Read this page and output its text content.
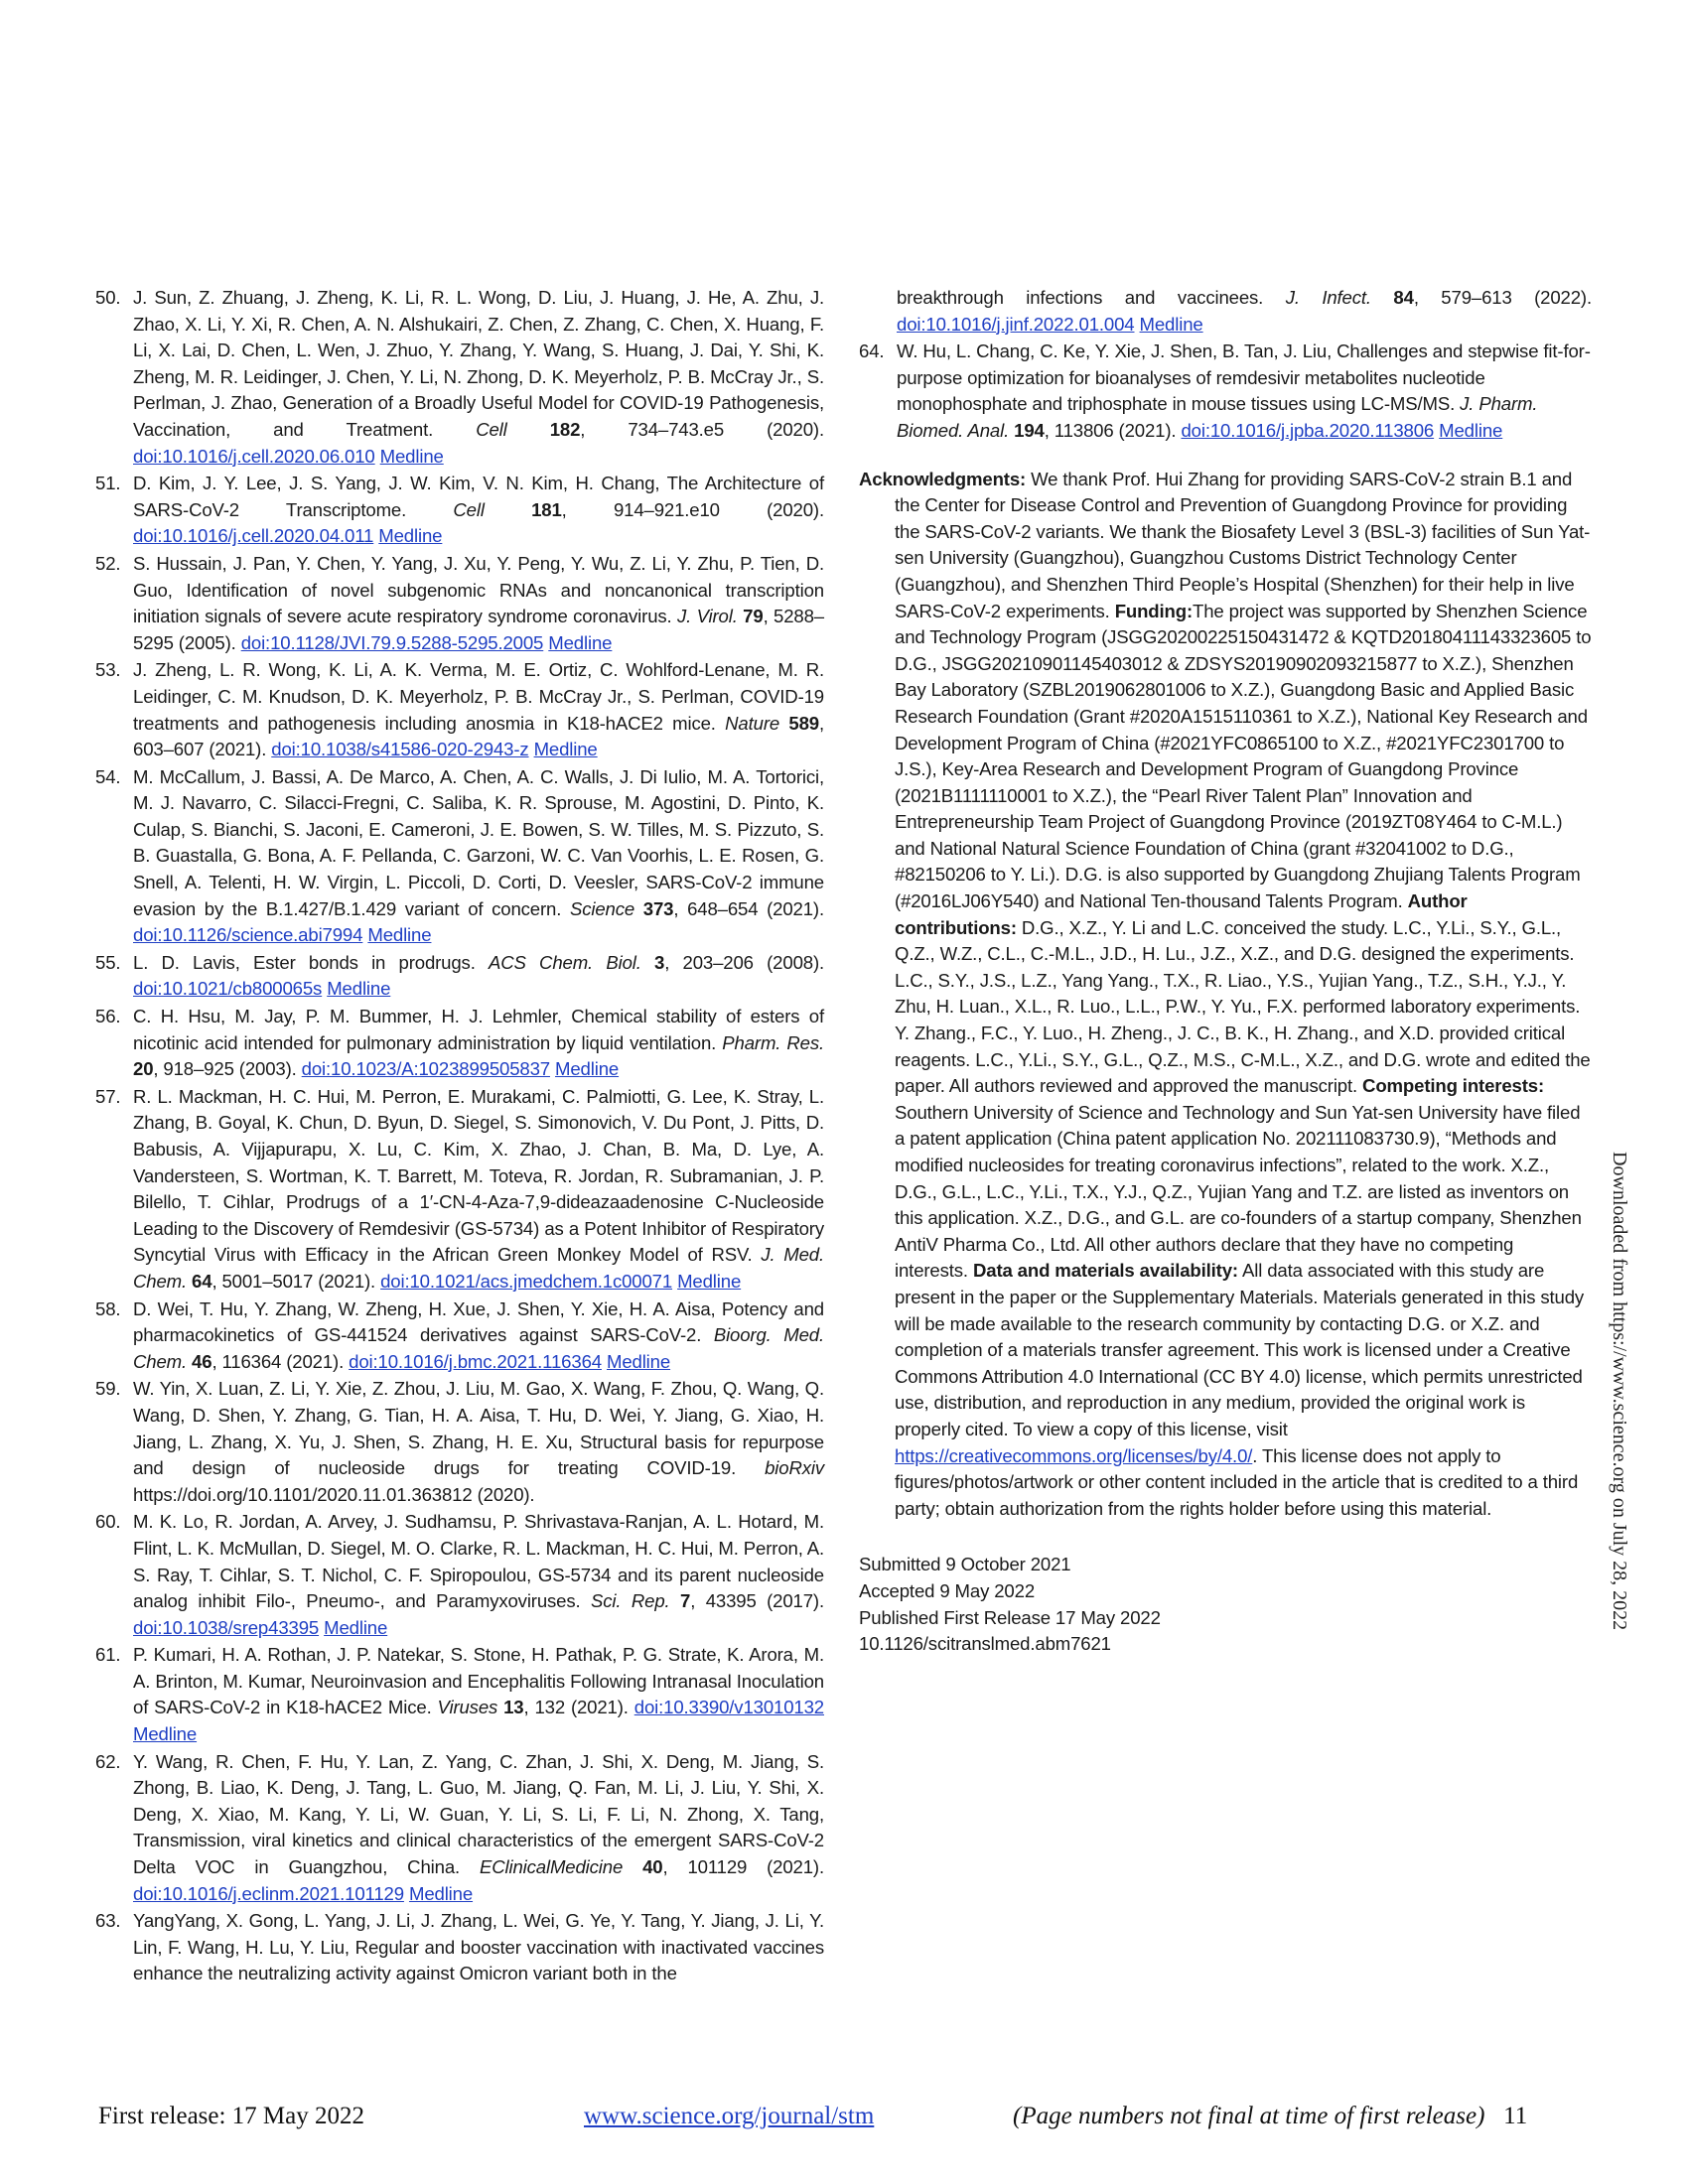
50. J. Sun, Z. Zhuang, J. Zheng, K. Li, R. L. Wong, D. Liu, J. Huang, J. He, A. Zhu, J. Zhao, X. Li, Y. Xi, R. Chen, A. N. Alshukairi, Z. Chen, Z. Zhang, C. Chen, X. Huang, F. Li, X. Lai, D. Chen, L. Wen, J. Zhuo, Y. Zhang, Y. Wang, S. Huang, J. Dai, Y. Shi, K. Zheng, M. R. Leidinger, J. Chen, Y. Li, N. Zhong, D. K. Meyerholz, P. B. McCray Jr., S. Perlman, J. Zhao, Generation of a Broadly Useful Model for COVID-19 Pathogenesis, Vaccination, and Treatment. Cell 182, 734–743.e5 (2020). doi:10.1016/j.cell.2020.06.010 Medline
51. D. Kim, J. Y. Lee, J. S. Yang, J. W. Kim, V. N. Kim, H. Chang, The Architecture of SARS-CoV-2 Transcriptome.	Cell	181, 914–921.e10 (2020). doi:10.1016/j.cell.2020.04.011 Medline
52. S. Hussain, J. Pan, Y. Chen, Y. Yang, J. Xu, Y. Peng, Y. Wu, Z. Li, Y. Zhu, P. Tien, D. Guo, Identification of novel subgenomic RNAs and noncanonical transcription initiation signals of severe acute respiratory syndrome coronavirus. J. Virol. 79, 5288–5295 (2005). doi:10.1128/JVI.79.9.5288-5295.2005 Medline
53. J. Zheng, L. R. Wong, K. Li, A. K. Verma, M. E. Ortiz, C. Wohlford-Lenane, M. R. Leidinger, C. M. Knudson, D. K. Meyerholz, P. B. McCray Jr., S. Perlman, COVID-19 treatments and pathogenesis including anosmia in K18-hACE2 mice. Nature 589, 603–607 (2021). doi:10.1038/s41586-020-2943-z Medline
54. M. McCallum, J. Bassi, A. De Marco, A. Chen, A. C. Walls, J. Di Iulio, M. A. Tortorici, M. J. Navarro, C. Silacci-Fregni, C. Saliba, K. R. Sprouse, M. Agostini, D. Pinto, K. Culap, S. Bianchi, S. Jaconi, E. Cameroni, J. E. Bowen, S. W. Tilles, M. S. Pizzuto, S. B. Guastalla, G. Bona, A. F. Pellanda, C. Garzoni, W. C. Van Voorhis, L. E. Rosen, G. Snell, A. Telenti, H. W. Virgin, L. Piccoli, D. Corti, D. Veesler, SARS-CoV-2 immune evasion by the B.1.427/B.1.429 variant of concern. Science 373, 648–654 (2021). doi:10.1126/science.abi7994 Medline
55. L. D. Lavis, Ester bonds in prodrugs. ACS Chem. Biol. 3, 203–206 (2008). doi:10.1021/cb800065s Medline
56. C. H. Hsu, M. Jay, P. M. Bummer, H. J. Lehmler, Chemical stability of esters of nicotinic acid intended for pulmonary administration by liquid ventilation. Pharm. Res. 20, 918–925 (2003). doi:10.1023/A:1023899505837 Medline
57. R. L. Mackman, H. C. Hui, M. Perron, E. Murakami, C. Palmiotti, G. Lee, K. Stray, L. Zhang, B. Goyal, K. Chun, D. Byun, D. Siegel, S. Simonovich, V. Du Pont, J. Pitts, D. Babusis, A. Vijjapurapu, X. Lu, C. Kim, X. Zhao, J. Chan, B. Ma, D. Lye, A. Vandersteen, S. Wortman, K. T. Barrett, M. Toteva, R. Jordan, R. Subramanian, J. P. Bilello, T. Cihlar, Prodrugs of a 1′-CN-4-Aza-7,9-dideazaadenosine C-Nucleoside Leading to the Discovery of Remdesivir (GS-5734) as a Potent Inhibitor of Respiratory Syncytial Virus with Efficacy in the African Green Monkey Model of RSV. J. Med. Chem. 64, 5001–5017 (2021). doi:10.1021/acs.jmedchem.1c00071 Medline
58. D. Wei, T. Hu, Y. Zhang, W. Zheng, H. Xue, J. Shen, Y. Xie, H. A. Aisa, Potency and pharmacokinetics of GS-441524 derivatives against SARS-CoV-2. Bioorg. Med. Chem. 46, 116364 (2021). doi:10.1016/j.bmc.2021.116364 Medline
59. W. Yin, X. Luan, Z. Li, Y. Xie, Z. Zhou, J. Liu, M. Gao, X. Wang, F. Zhou, Q. Wang, Q. Wang, D. Shen, Y. Zhang, G. Tian, H. A. Aisa, T. Hu, D. Wei, Y. Jiang, G. Xiao, H. Jiang, L. Zhang, X. Yu, J. Shen, S. Zhang, H. E. Xu, Structural basis for repurpose and design of nucleoside drugs for treating COVID-19. bioRxiv https://doi.org/10.1101/2020.11.01.363812 (2020).
60. M. K. Lo, R. Jordan, A. Arvey, J. Sudhamsu, P. Shrivastava-Ranjan, A. L. Hotard, M. Flint, L. K. McMullan, D. Siegel, M. O. Clarke, R. L. Mackman, H. C. Hui, M. Perron, A. S. Ray, T. Cihlar, S. T. Nichol, C. F. Spiropoulou, GS-5734 and its parent nucleoside analog inhibit Filo-, Pneumo-, and Paramyxoviruses. Sci. Rep. 7, 43395 (2017). doi:10.1038/srep43395 Medline
61. P. Kumari, H. A. Rothan, J. P. Natekar, S. Stone, H. Pathak, P. G. Strate, K. Arora, M. A. Brinton, M. Kumar, Neuroinvasion and Encephalitis Following Intranasal Inoculation of SARS-CoV-2 in K18-hACE2 Mice. Viruses 13, 132 (2021). doi:10.3390/v13010132 Medline
62. Y. Wang, R. Chen, F. Hu, Y. Lan, Z. Yang, C. Zhan, J. Shi, X. Deng, M. Jiang, S. Zhong, B. Liao, K. Deng, J. Tang, L. Guo, M. Jiang, Q. Fan, M. Li, J. Liu, Y. Shi, X. Deng, X. Xiao, M. Kang, Y. Li, W. Guan, Y. Li, S. Li, F. Li, N. Zhong, X. Tang, Transmission, viral kinetics and clinical characteristics of the emergent SARS-CoV-2 Delta VOC in Guangzhou, China. EClinicalMedicine 40, 101129 (2021). doi:10.1016/j.eclinm.2021.101129 Medline
63. YangYang, X. Gong, L. Yang, J. Li, J. Zhang, L. Wei, G. Ye, Y. Tang, Y. Jiang, J. Li, Y. Lin, F. Wang, H. Lu, Y. Liu, Regular and booster vaccination with inactivated vaccines enhance the neutralizing activity against Omicron variant both in the
breakthrough infections and vaccinees. J. Infect. 84, 579–613 (2022). doi:10.1016/j.jinf.2022.01.004 Medline
64. W. Hu, L. Chang, C. Ke, Y. Xie, J. Shen, B. Tan, J. Liu, Challenges and stepwise fit-for-purpose optimization for bioanalyses of remdesivir metabolites nucleotide monophosphate and triphosphate in mouse tissues using LC-MS/MS. J. Pharm. Biomed. Anal. 194, 113806 (2021). doi:10.1016/j.jpba.2020.113806 Medline
Acknowledgments: We thank Prof. Hui Zhang for providing SARS-CoV-2 strain B.1 and the Center for Disease Control and Prevention of Guangdong Province for providing the SARS-CoV-2 variants. We thank the Biosafety Level 3 (BSL-3) facilities of Sun Yat-sen University (Guangzhou), Guangzhou Customs District Technology Center (Guangzhou), and Shenzhen Third People’s Hospital (Shenzhen) for their help in live SARS-CoV-2 experiments. Funding:The project was supported by Shenzhen Science and Technology Program (JSGG20200225150431472 & KQTD20180411143323605 to D.G., JSGG20210901145403012 & ZDSYS20190902093215877 to X.Z.), Shenzhen Bay Laboratory (SZBL2019062801006 to X.Z.), Guangdong Basic and Applied Basic Research Foundation (Grant #2020A1515110361 to X.Z.), National Key Research and Development Program of China (#2021YFC0865100 to X.Z., #2021YFC2301700 to J.S.), Key-Area Research and Development Program of Guangdong Province (2021B1111110001 to X.Z.), the “Pearl River Talent Plan” Innovation and Entrepreneurship Team Project of Guangdong Province (2019ZT08Y464 to C-M.L.) and National Natural Science Foundation of China (grant #32041002 to D.G., #82150206 to Y. Li.). D.G. is also supported by Guangdong Zhujiang Talents Program (#2016LJ06Y540) and National Ten-thousand Talents Program. Author contributions: D.G., X.Z., Y. Li and L.C. conceived the study. L.C., Y.Li., S.Y., G.L., Q.Z., W.Z., C.L., C.-M.L., J.D., H. Lu., J.Z., X.Z., and D.G. designed the experiments. L.C., S.Y., J.S., L.Z., Yang Yang., T.X., R. Liao., Y.S., Yujian Yang., T.Z., S.H., Y.J., Y. Zhu, H. Luan., X.L., R. Luo., L.L., P.W., Y. Yu., F.X. performed laboratory experiments. Y. Zhang., F.C., Y. Luo., H. Zheng., J. C., B. K., H. Zhang., and X.D. provided critical reagents. L.C., Y.Li., S.Y., G.L., Q.Z., M.S., C-M.L., X.Z., and D.G. wrote and edited the paper. All authors reviewed and approved the manuscript. Competing interests: Southern University of Science and Technology and Sun Yat-sen University have filed a patent application (China patent application No. 202111083730.9), “Methods and modified nucleosides for treating coronavirus infections”, related to the work. X.Z., D.G., G.L., L.C., Y.Li., T.X., Y.J., Q.Z., Yujian Yang and T.Z. are listed as inventors on this application. X.Z., D.G., and G.L. are co-founders of a startup company, Shenzhen AntiV Pharma Co., Ltd. All other authors declare that they have no competing interests. Data and materials availability: All data associated with this study are present in the paper or the Supplementary Materials. Materials generated in this study will be made available to the research community by contacting D.G. or X.Z. and completion of a materials transfer agreement. This work is licensed under a Creative Commons Attribution 4.0 International (CC BY 4.0) license, which permits unrestricted use, distribution, and reproduction in any medium, provided the original work is properly cited. To view a copy of this license, visit https://creativecommons.org/licenses/by/4.0/. This license does not apply to figures/photos/artwork or other content included in the article that is credited to a third party; obtain authorization from the rights holder before using this material.
Submitted 9 October 2021
Accepted 9 May 2022
Published First Release 17 May 2022
10.1126/scitranslmed.abm7621
Downloaded from https://www.science.org on July 28, 2022
First release: 17 May 2022	www.science.org/journal/stm	(Page numbers not final at time of first release) 11
